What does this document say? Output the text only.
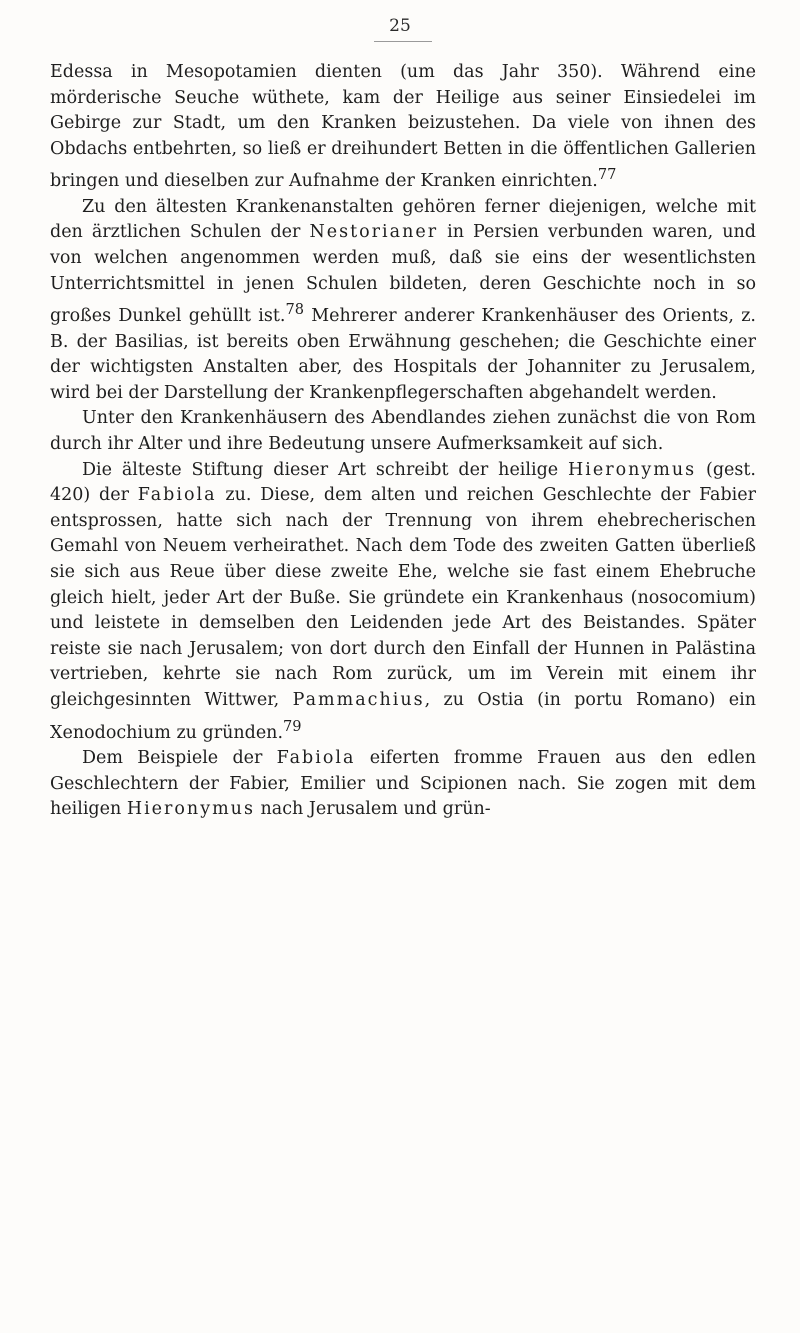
25

Edessa in Mesopotamien dienten (um das Jahr 350). Während eine mörderische Seuche wüthete, kam der Heilige aus seiner Einsiedelei im Gebirge zur Stadt, um den Kranken beizustehen. Da viele von ihnen des Obdachs entbehrten, so ließ er dreihundert Betten in die öffentlichen Gallerien bringen und dieselben zur Aufnahme der Kranken einrichten.$^{77}$

Zu den ältesten Krankenanstalten gehören ferner diejenigen, welche mit den ärztlichen Schulen der Nestorianer in Persien verbunden waren, und von welchen angenommen werden muß, daß sie eins der wesentlichsten Unterrichtsmittel in jenen Schulen bildeten, deren Geschichte noch in so großes Dunkel gehüllt ist.$^{78}$ Mehrerer anderer Krankenhäuser des Orients, z. B. der Basilias, ist bereits oben Erwähnung geschehen; die Geschichte einer der wichtigsten Anstalten aber, des Hospitals der Johanniter zu Jerusalem, wird bei der Darstellung der Krankenpflegerschaften abgehandelt werden.

Unter den Krankenhäusern des Abendlandes ziehen zunächst die von Rom durch ihr Alter und ihre Bedeutung unsere Aufmerksamkeit auf sich.

Die älteste Stiftung dieser Art schreibt der heilige Hieronymus (gest. 420) der Fabiola zu. Diese, dem alten und reichen Geschlechte der Fabier entsprossen, hatte sich nach der Trennung von ihrem ehebrecherischen Gemahl von Neuem verheirathet. Nach dem Tode des zweiten Gatten überließ sie sich aus Reue über diese zweite Ehe, welche sie fast einem Ehebruche gleich hielt, jeder Art der Buße. Sie gründete ein Krankenhaus (nosocomium) und leistete in demselben den Leidenden jede Art des Beistandes. Später reiste sie nach Jerusalem; von dort durch den Einfall der Hunnen in Palästina vertrieben, kehrte sie nach Rom zurück, um im Verein mit einem ihr gleichgesinnten Wittwer, Pammachius, zu Ostia (in portu Romano) ein Xenodochium zu gründen.$^{79}$

Dem Beispiele der Fabiola eiferten fromme Frauen aus den edlen Geschlechtern der Fabier, Emilier und Scipionen nach. Sie zogen mit dem heiligen Hieronymus nach Jerusalem und grün-
